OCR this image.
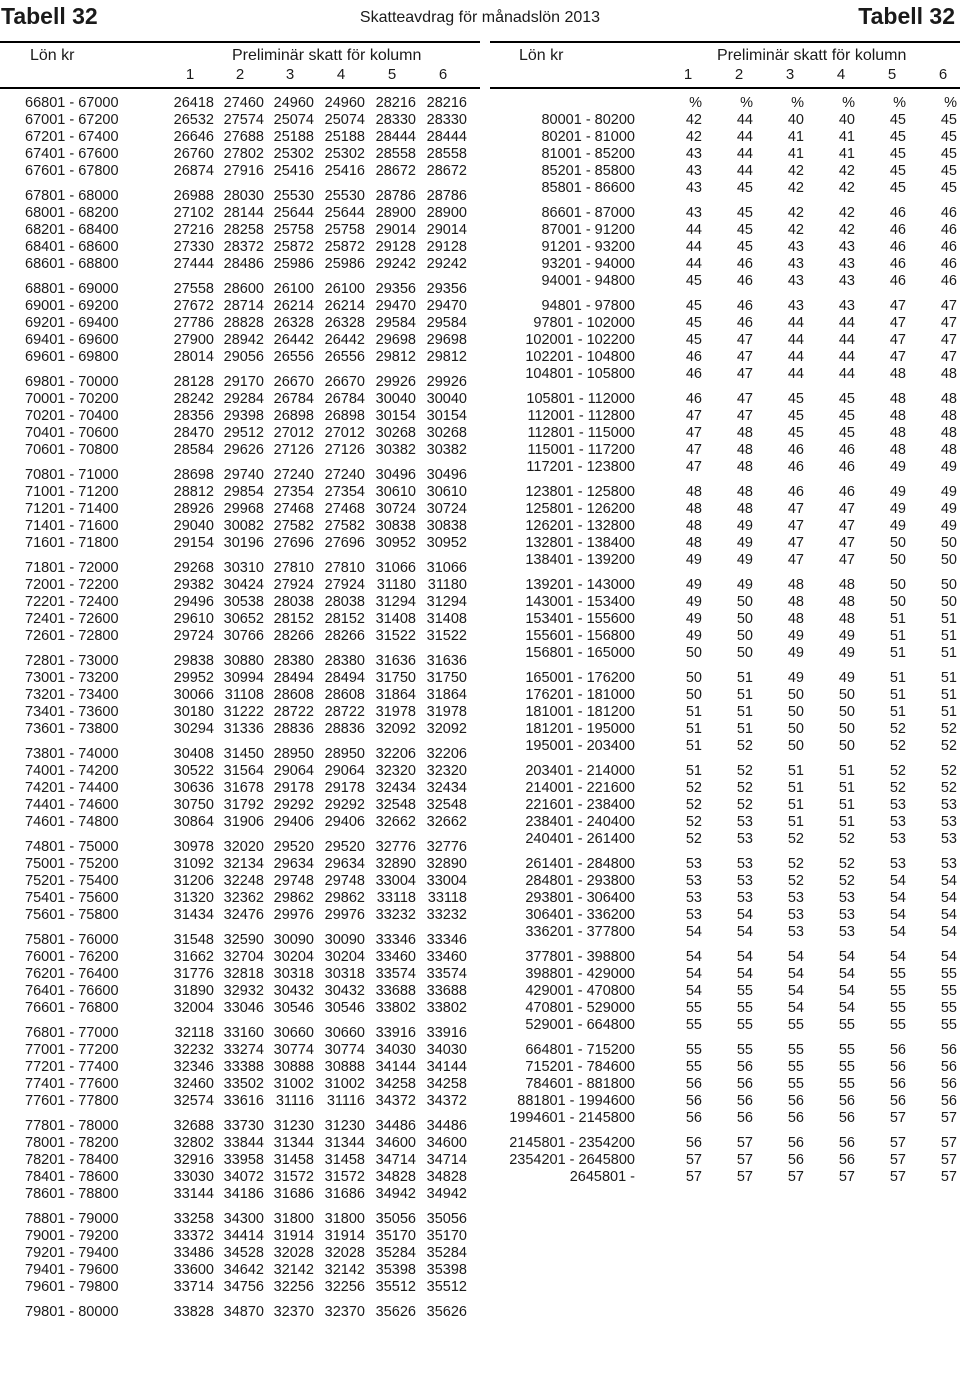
Tabell 32	Skatteavdrag för månadslön 2013	Tabell 32
Lön kr	Preliminär skatt för kolumn	Lön kr	Preliminär skatt för kolumn
1	2	3	4	5	6	1	2	3	4	5	6
66801 - 67000	26418 27460 24960 24960 28216 28216
67001 - 67200	26532 27574 25074 25074 28330 28330
67201 - 67400	26646 27688 25188 25188 28444 28444
67401 - 67600	26760 27802 25302 25302 28558 28558
67601 - 67800	26874 27916 25416 25416 28672 28672
67801 - 68000	26988 28030 25530 25530 28786 28786
68001 - 68200	27102 28144 25644 25644 28900 28900
68201 - 68400	27216 28258 25758 25758 29014 29014
68401 - 68600	27330 28372 25872 25872 29128 29128
68601 - 68800	27444 28486 25986 25986 29242 29242
68801 - 69000	27558 28600 26100 26100 29356 29356
69001 - 69200	27672 28714 26214 26214 29470 29470
69201 - 69400	27786 28828 26328 26328 29584 29584
69401 - 69600	27900 28942 26442 26442 29698 29698
69601 - 69800	28014 29056 26556 26556 29812 29812
69801 - 70000	28128 29170 26670 26670 29926 29926
70001 - 70200	28242 29284 26784 26784 30040 30040
70201 - 70400	28356 29398 26898 26898 30154 30154
70401 - 70600	28470 29512 27012 27012 30268 30268
70601 - 70800	28584 29626 27126 27126 30382 30382
70801 - 71000	28698 29740 27240 27240 30496 30496
71001 - 71200	28812 29854 27354 27354 30610 30610
71201 - 71400	28926 29968 27468 27468 30724 30724
71401 - 71600	29040 30082 27582 27582 30838 30838
71601 - 71800	29154 30196 27696 27696 30952 30952
71801 - 72000	29268 30310 27810 27810 31066 31066
72001 - 72200	29382 30424 27924 27924 31180 31180
72201 - 72400	29496 30538 28038 28038 31294 31294
72401 - 72600	29610 30652 28152 28152 31408 31408
72601 - 72800	29724 30766 28266 28266 31522 31522
72801 - 73000	29838 30880 28380 28380 31636 31636
73001 - 73200	29952 30994 28494 28494 31750 31750
73201 - 73400	30066 31108 28608 28608 31864 31864
73401 - 73600	30180 31222 28722 28722 31978 31978
73601 - 73800	30294 31336 28836 28836 32092 32092
73801 - 74000	30408 31450 28950 28950 32206 32206
74001 - 74200	30522 31564 29064 29064 32320 32320
74201 - 74400	30636 31678 29178 29178 32434 32434
74401 - 74600	30750 31792 29292 29292 32548 32548
74601 - 74800	30864 31906 29406 29406 32662 32662
74801 - 75000	30978 32020 29520 29520 32776 32776
75001 - 75200	31092 32134 29634 29634 32890 32890
75201 - 75400	31206 32248 29748 29748 33004 33004
75401 - 75600	31320 32362 29862 29862 33118 33118
75601 - 75800	31434 32476 29976 29976 33232 33232
75801 - 76000	31548 32590 30090 30090 33346 33346
76001 - 76200	31662 32704 30204 30204 33460 33460
76201 - 76400	31776 32818 30318 30318 33574 33574
76401 - 76600	31890 32932 30432 30432 33688 33688
76601 - 76800	32004 33046 30546 30546 33802 33802
76801 - 77000	32118 33160 30660 30660 33916 33916
77001 - 77200	32232 33274 30774 30774 34030 34030
77201 - 77400	32346 33388 30888 30888 34144 34144
77401 - 77600	32460 33502 31002 31002 34258 34258
77601 - 77800	32574 33616 31116 31116 34372 34372
77801 - 78000	32688 33730 31230 31230 34486 34486
78001 - 78200	32802 33844 31344 31344 34600 34600
78201 - 78400	32916 33958 31458 31458 34714 34714
78401 - 78600	33030 34072 31572 31572 34828 34828
78601 - 78800	33144 34186 31686 31686 34942 34942
78801 - 79000	33258 34300 31800 31800 35056 35056
79001 - 79200	33372 34414 31914 31914 35170 35170
79201 - 79400	33486 34528 32028 32028 35284 35284
79401 - 79600	33600 34642 32142 32142 35398 35398
79601 - 79800	33714 34756 32256 32256 35512 35512
79801 - 80000	33828 34870 32370 32370 35626 35626
%	%	%	%	%	%
80001 - 80200	42	44	40	40	45	45
80201 - 81000	42	44	41	41	45	45
81001 - 85200	43	44	41	41	45	45
85201 - 85800	43	44	42	42	45	45
85801 - 86600	43	45	42	42	45	45
86601 - 87000	43	45	42	42	46	46
87001 - 91200	44	45	42	42	46	46
91201 - 93200	44	45	43	43	46	46
93201 - 94000	44	46	43	43	46	46
94001 - 94800	45	46	43	43	46	46
94801 - 97800	45	46	43	43	47	47
97801 - 102000	45	46	44	44	47	47
102001 - 102200	45	47	44	44	47	47
102201 - 104800	46	47	44	44	47	47
104801 - 105800	46	47	44	44	48	48
105801 - 112000	46	47	45	45	48	48
112001 - 112800	47	47	45	45	48	48
112801 - 115000	47	48	45	45	48	48
115001 - 117200	47	48	46	46	48	48
117201 - 123800	47	48	46	46	49	49
123801 - 125800	48	48	46	46	49	49
125801 - 126200	48	48	47	47	49	49
126201 - 132800	48	49	47	47	49	49
132801 - 138400	48	49	47	47	50	50
138401 - 139200	49	49	47	47	50	50
139201 - 143000	49	49	48	48	50	50
143001 - 153400	49	50	48	48	50	50
153401 - 155600	49	50	48	48	51	51
155601 - 156800	49	50	49	49	51	51
156801 - 165000	50	50	49	49	51	51
165001 - 176200	50	51	49	49	51	51
176201 - 181000	50	51	50	50	51	51
181001 - 181200	51	51	50	50	51	51
181201 - 195000	51	51	50	50	52	52
195001 - 203400	51	52	50	50	52	52
203401 - 214000	51	52	51	51	52	52
214001 - 221600	52	52	51	51	52	52
221601 - 238400	52	52	51	51	53	53
238401 - 240400	52	53	51	51	53	53
240401 - 261400	52	53	52	52	53	53
261401 - 284800	53	53	52	52	53	53
284801 - 293800	53	53	52	52	54	54
293801 - 306400	53	53	53	53	54	54
306401 - 336200	53	54	53	53	54	54
336201 - 377800	54	54	53	53	54	54
377801 - 398800	54	54	54	54	54	54
398801 - 429000	54	54	54	54	55	55
429001 - 470800	54	55	54	54	55	55
470801 - 529000	55	55	54	54	55	55
529001 - 664800	55	55	55	55	55	55
664801 - 715200	55	55	55	55	56	56
715201 - 784600	55	56	55	55	56	56
784601 - 881800	56	56	55	55	56	56
881801 - 1994600	56	56	56	56	56	56
1994601 - 2145800	56	56	56	56	57	57
2145801 - 2354200	56	57	56	56	57	57
2354201 - 2645800	57	57	56	56	57	57
2645801 -	57	57	57	57	57	57
